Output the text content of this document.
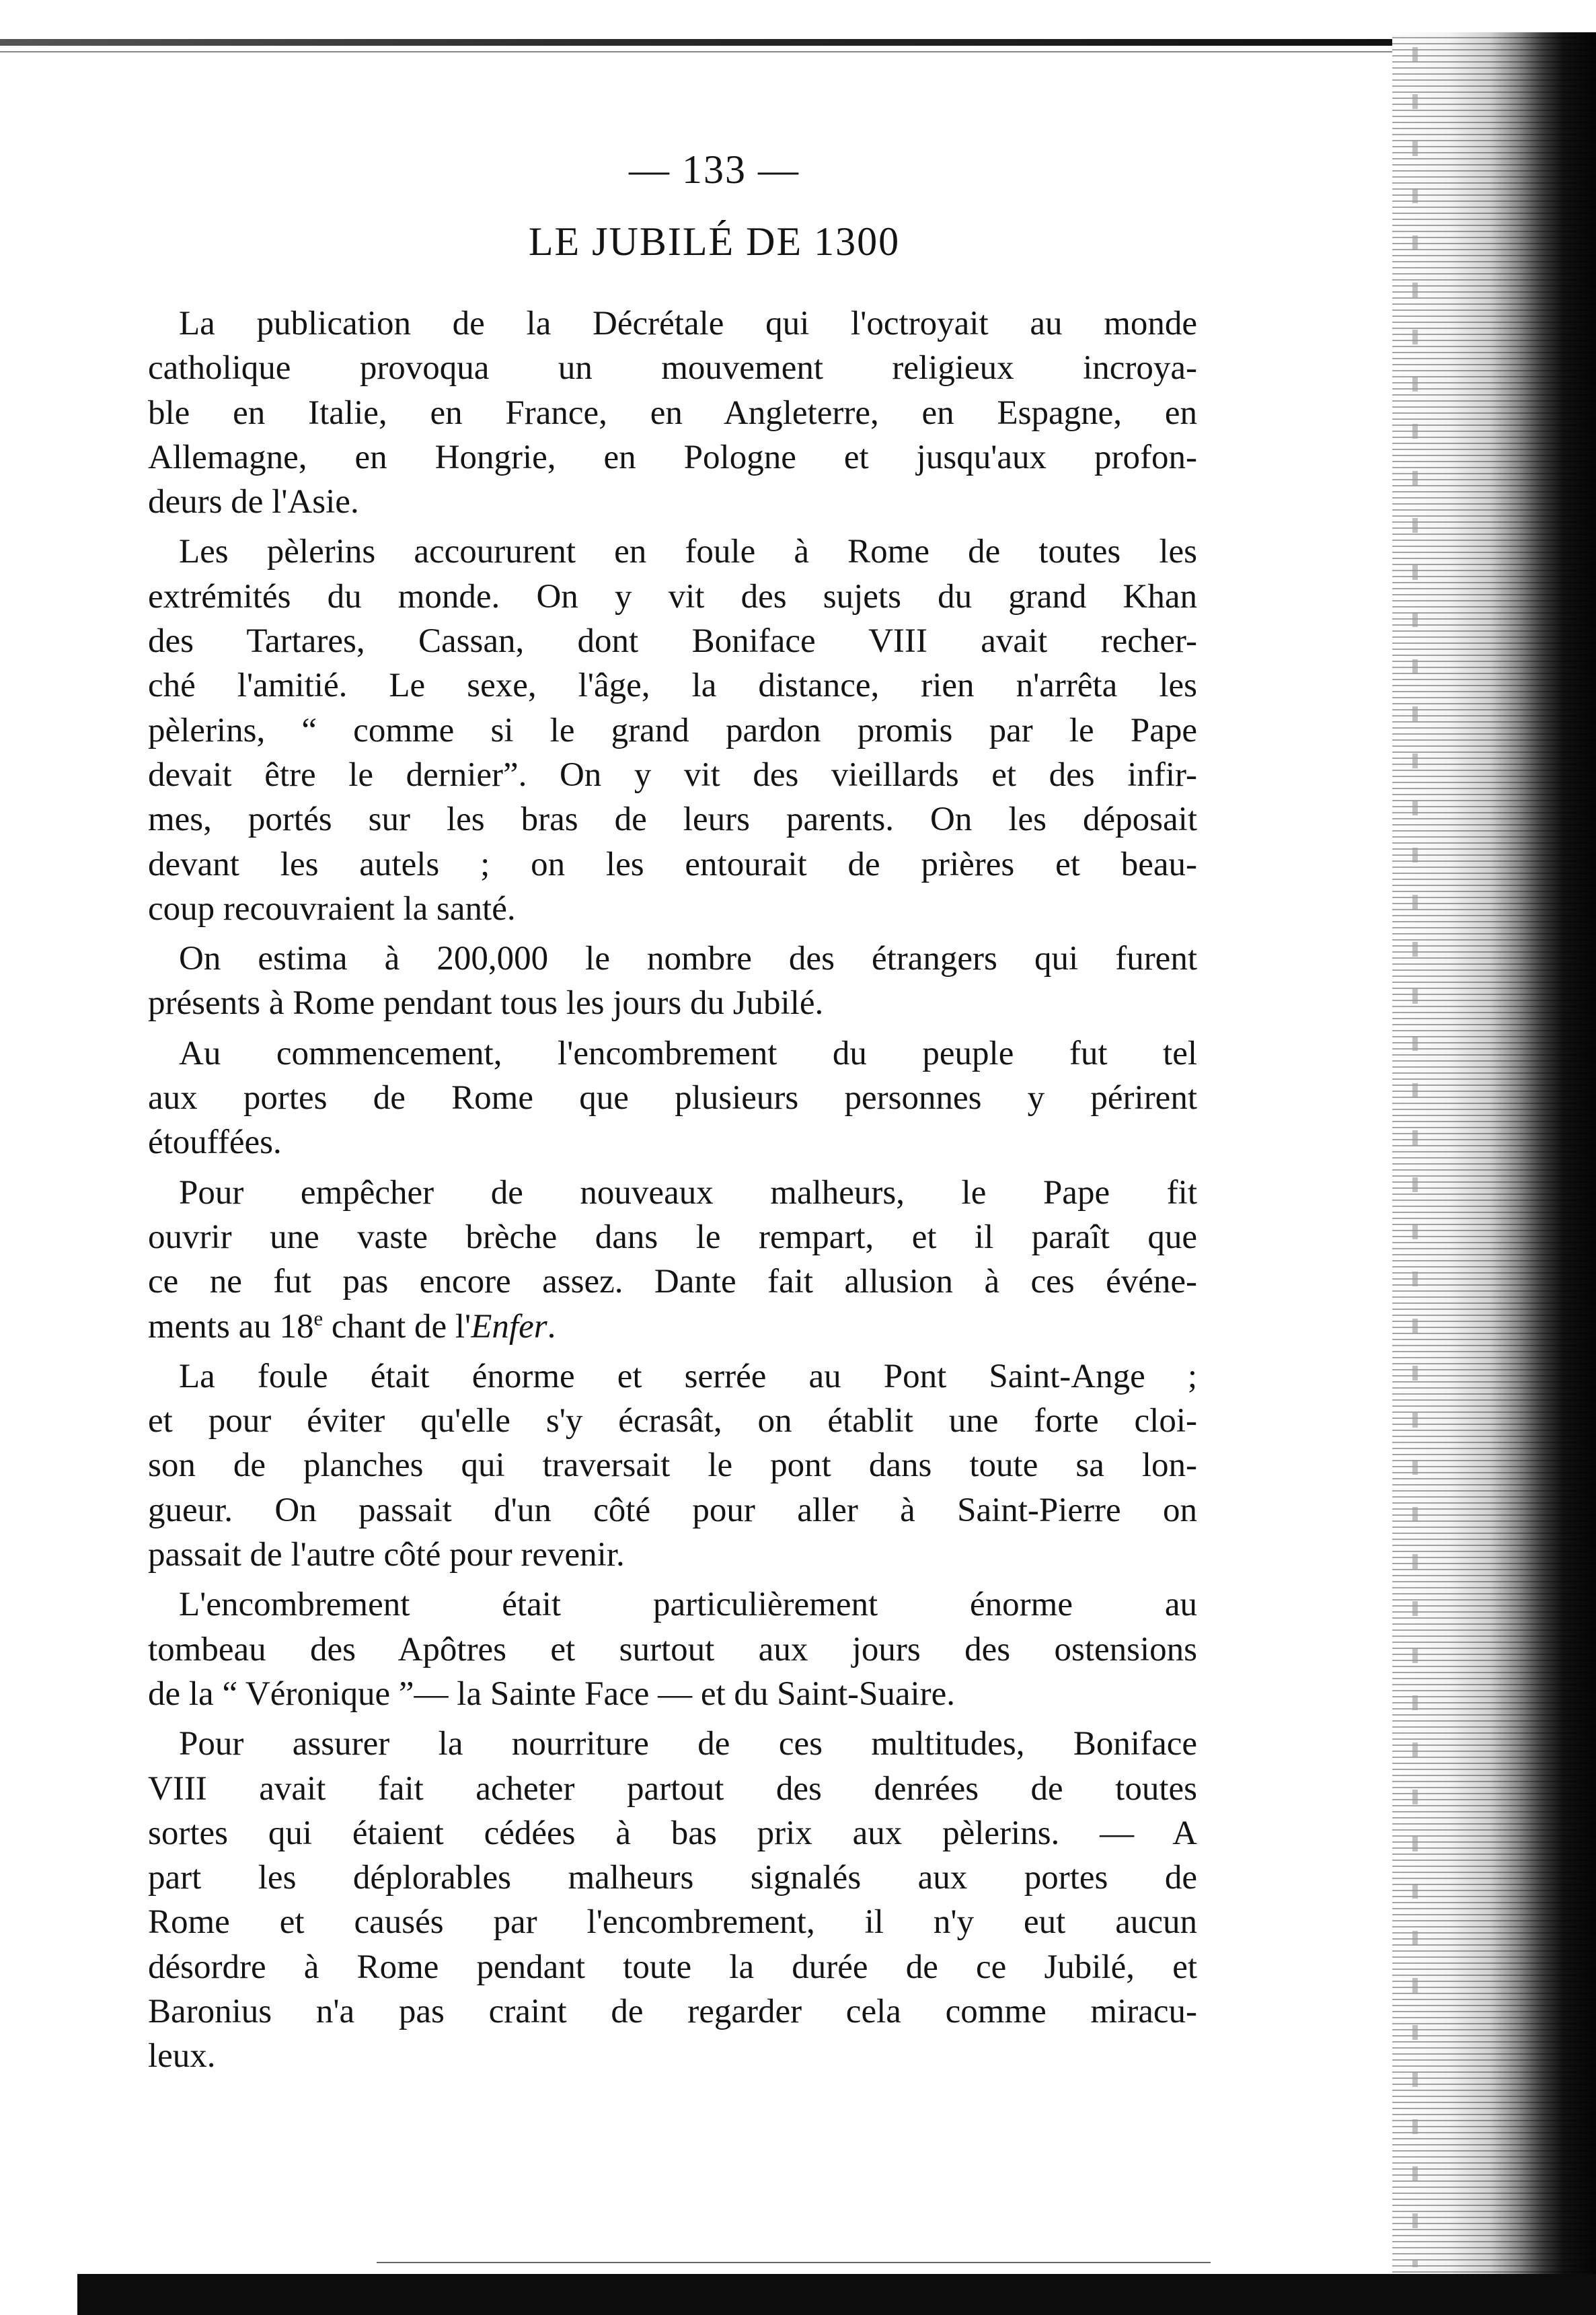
— 133 —
LE JUBILÉ DE 1300

La publication de la Décrétale qui l'octroyait au monde
catholique provoqua un mouvement religieux incroya-
ble en Italie, en France, en Angleterre, en Espagne, en
Allemagne, en Hongrie, en Pologne et jusqu'aux profon-
deurs de l'Asie.

Les pèlerins accoururent en foule à Rome de toutes les
extrémités du monde. On y vit des sujets du grand Khan
des Tartares, Cassan, dont Boniface VIII avait recher-
ché l'amitié. Le sexe, l'âge, la distance, rien n'arrêta les
pèlerins, “ comme si le grand pardon promis par le Pape
devait être le dernier”. On y vit des vieillards et des infir-
mes, portés sur les bras de leurs parents. On les déposait
devant les autels ; on les entourait de prières et beau-
coup recouvraient la santé.

On estima à 200,000 le nombre des étrangers qui furent
présents à Rome pendant tous les jours du Jubilé.

Au commencement, l'encombrement du peuple fut tel
aux portes de Rome que plusieurs personnes y périrent
étouffées.

Pour empêcher de nouveaux malheurs, le Pape fit
ouvrir une vaste brèche dans le rempart, et il paraît que
ce ne fut pas encore assez. Dante fait allusion à ces événe-
ments au 18e chant de l'Enfer.

La foule était énorme et serrée au Pont Saint-Ange ;
et pour éviter qu'elle s'y écrasât, on établit une forte cloi-
son de planches qui traversait le pont dans toute sa lon-
gueur. On passait d'un côté pour aller à Saint-Pierre on
passait de l'autre côté pour revenir.

L'encombrement était particulièrement énorme au
tombeau des Apôtres et surtout aux jours des ostensions
de la “ Véronique ”— la Sainte Face — et du Saint-Suaire.

Pour assurer la nourriture de ces multitudes, Boniface
VIII avait fait acheter partout des denrées de toutes
sortes qui étaient cédées à bas prix aux pèlerins. — A
part les déplorables malheurs signalés aux portes de
Rome et causés par l'encombrement, il n'y eut aucun
désordre à Rome pendant toute la durée de ce Jubilé, et
Baronius n'a pas craint de regarder cela comme miracu-
leux.
